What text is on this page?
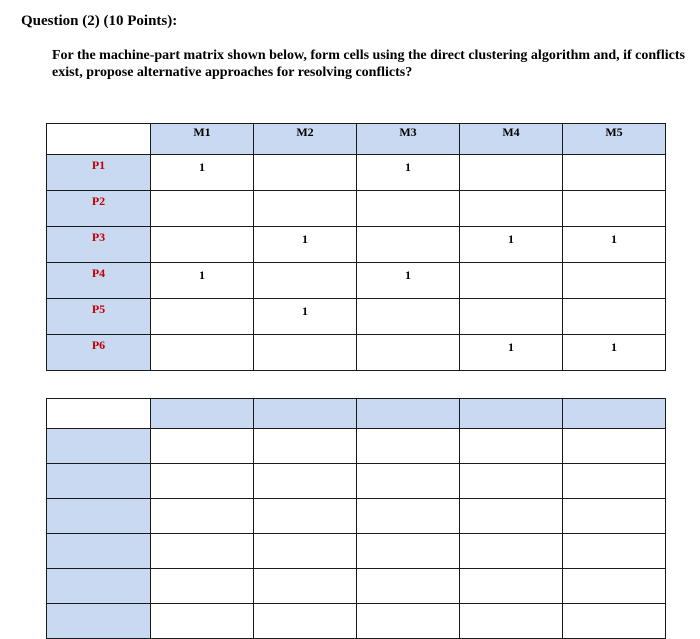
Question (2) (10 Points):
For the machine-part matrix shown below, form cells using the direct clustering algorithm and, if conflicts exist, propose alternative approaches for resolving conflicts?
	M1	M2	M3	M4	M5
P1	1		1		
P2					
P3		1		1	1
P4	1		1		
P5		1			
P6				1	1
